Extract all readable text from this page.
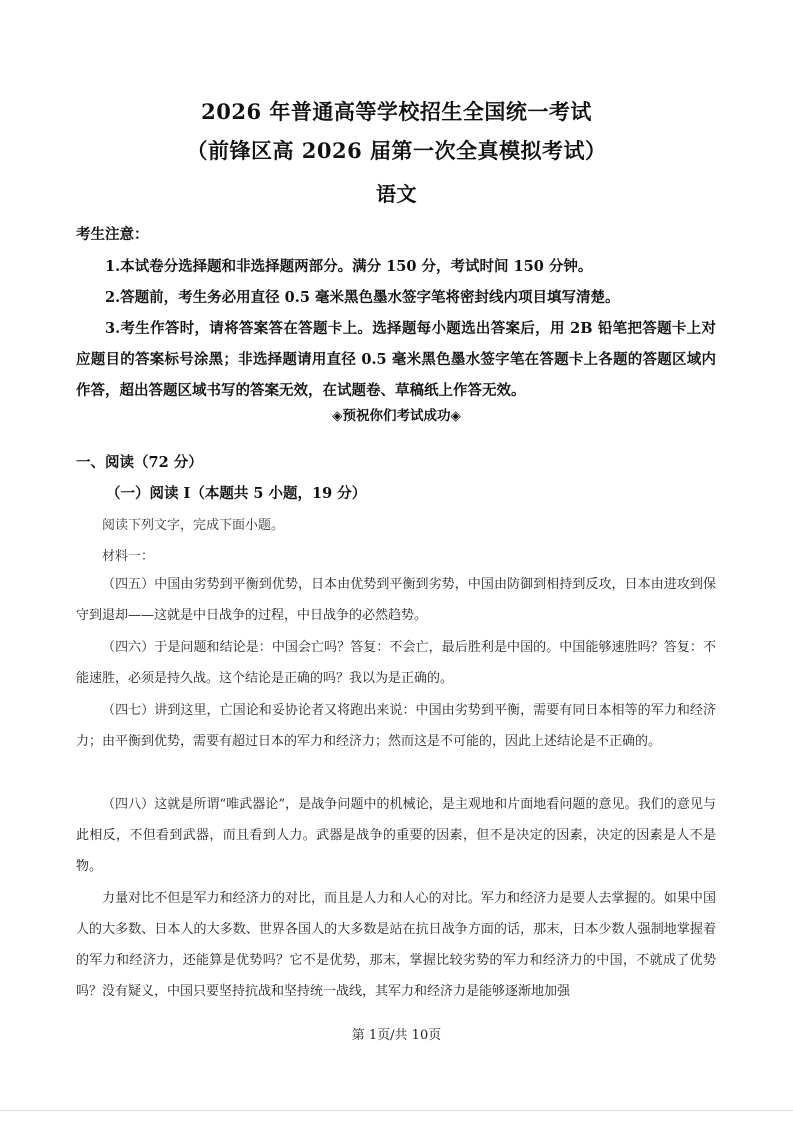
2026 年普通高等学校招生全国统一考试
（前锋区高 2026 届第一次全真模拟考试）
语文
考生注意：
1.本试卷分选择题和非选择题两部分。满分 150 分，考试时间 150 分钟。
2.答题前，考生务必用直径 0.5 毫米黑色墨水签字笔将密封线内项目填写清楚。
3.考生作答时，请将答案答在答题卡上。选择题每小题选出答案后，用 2B 铅笔把答题卡上对应题目的答案标号涂黑；非选择题请用直径 0.5 毫米黑色墨水签字笔在答题卡上各题的答题区域内作答，超出答题区域书写的答案无效，在试题卷、草稿纸上作答无效。
◈预祝你们考试成功◈
一、阅读（72 分）
（一）阅读 I（本题共 5 小题，19 分）
阅读下列文字，完成下面小题。
材料一：
（四五）中国由劣势到平衡到优势，日本由优势到平衡到劣势，中国由防御到相持到反攻，日本由进攻到保守到退却——这就是中日战争的过程，中日战争的必然趋势。
（四六）于是问题和结论是：中国会亡吗？答复：不会亡，最后胜利是中国的。中国能够速胜吗？答复：不能速胜，必须是持久战。这个结论是正确的吗？我以为是正确的。
（四七）讲到这里，亡国论和妥协论者又将跑出来说：中国由劣势到平衡，需要有同日本相等的军力和经济力；由平衡到优势，需要有超过日本的军力和经济力；然而这是不可能的，因此上述结论是不正确的。
（四八）这就是所谓“唯武器论”，是战争问题中的机械论，是主观地和片面地看问题的意见。我们的意见与此相反，不但看到武器，而且看到人力。武器是战争的重要的因素，但不是决定的因素，决定的因素是人不是物。
力量对比不但是军力和经济力的对比，而且是人力和人心的对比。军力和经济力是要人去掌握的。如果中国人的大多数、日本人的大多数、世界各国人的大多数是站在抗日战争方面的话，那末，日本少数人强制地掌握着的军力和经济力，还能算是优势吗？它不是优势，那末，掌握比较劣势的军力和经济力的中国，不就成了优势吗？没有疑义，中国只要坚持抗战和坚持统一战线，其军力和经济力是能够逐渐地加强
第 1页/共 10页
